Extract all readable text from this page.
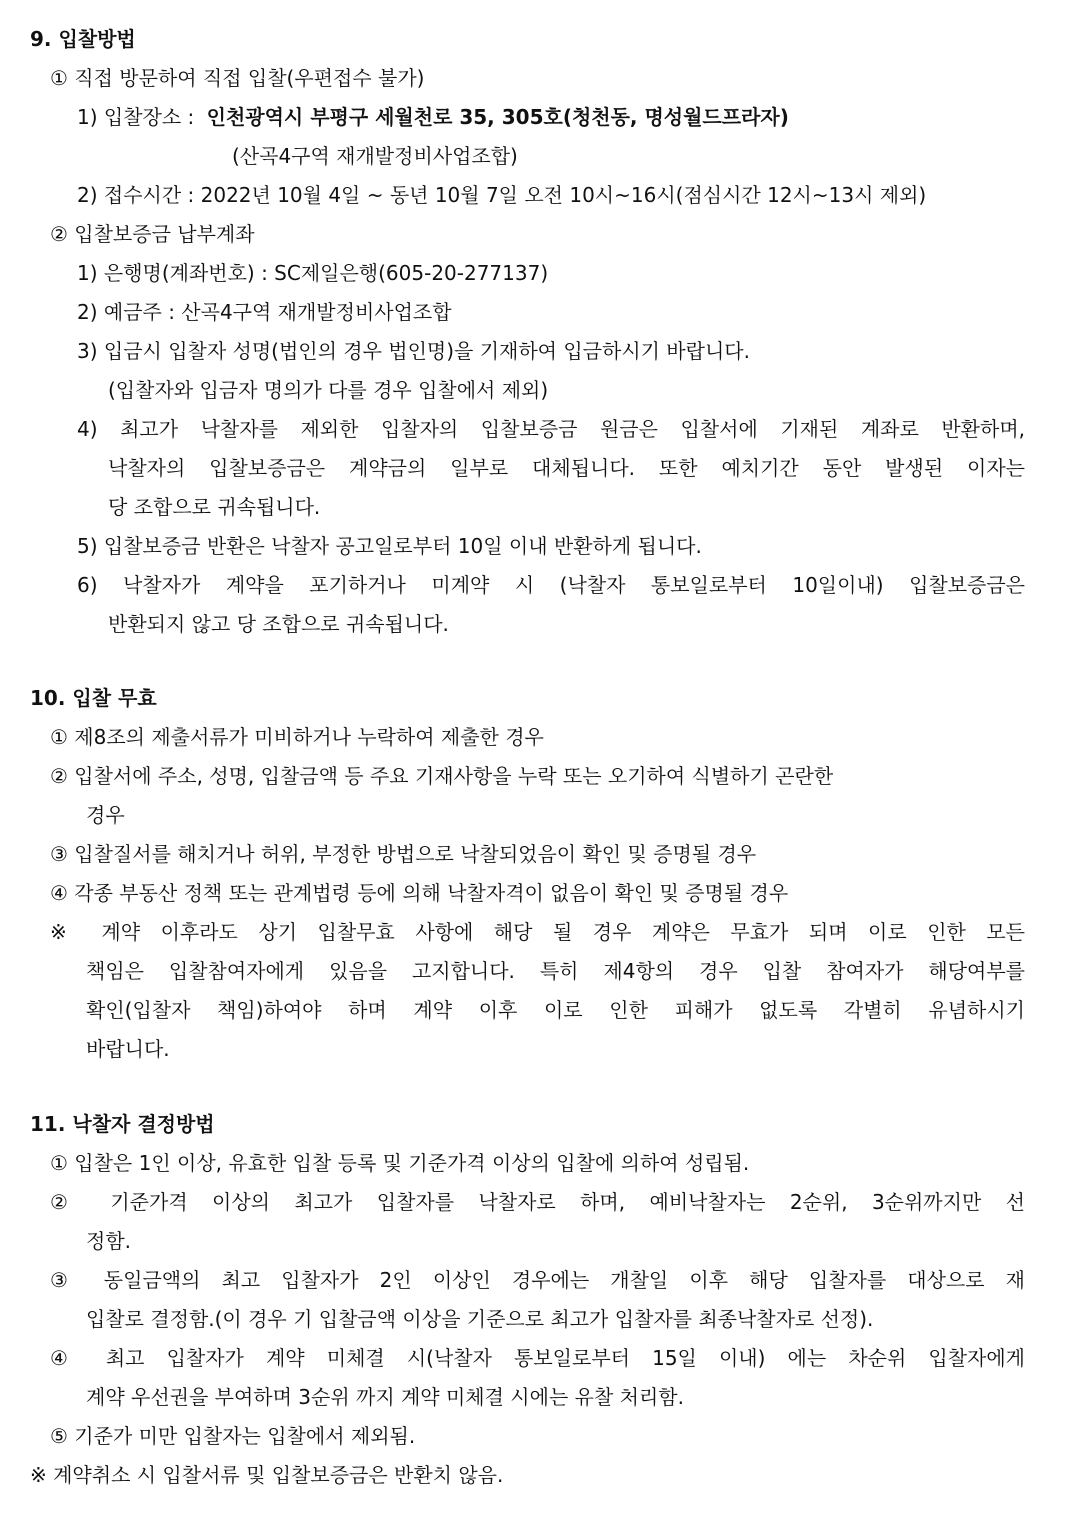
9. 입찰방법
① 직접 방문하여 직접 입찰(우편접수 불가)
1) 입찰장소 : 인천광역시 부평구 세월천로 35, 305호(청천동, 명성월드프라자)
(산곡4구역 재개발정비사업조합)
2) 접수시간 : 2022년 10월 4일 ~ 동년 10월 7일 오전 10시~16시(점심시간 12시~13시 제외)
② 입찰보증금 납부계좌
1) 은행명(계좌번호) : SC제일은행(605-20-277137)
2) 예금주 : 산곡4구역 재개발정비사업조합
3) 입금시 입찰자 성명(법인의 경우 법인명)을 기재하여 입금하시기 바랍니다.
(입찰자와 입금자 명의가 다를 경우 입찰에서 제외)
4) 최고가 낙찰자를 제외한 입찰자의 입찰보증금 원금은 입찰서에 기재된 계좌로 반환하며,
낙찰자의 입찰보증금은 계약금의 일부로 대체됩니다. 또한 예치기간 동안 발생된 이자는
당 조합으로 귀속됩니다.
5) 입찰보증금 반환은 낙찰자 공고일로부터 10일 이내 반환하게 됩니다.
6) 낙찰자가 계약을 포기하거나 미계약 시 (낙찰자 통보일로부터 10일이내) 입찰보증금은
반환되지 않고 당 조합으로 귀속됩니다.
10. 입찰 무효
① 제8조의 제출서류가 미비하거나 누락하여 제출한 경우
② 입찰서에 주소, 성명, 입찰금액 등 주요 기재사항을 누락 또는 오기하여 식별하기 곤란한
경우
③ 입찰질서를 해치거나 허위, 부정한 방법으로 낙찰되었음이 확인 및 증명될 경우
④ 각종 부동산 정책 또는 관계법령 등에 의해 낙찰자격이 없음이 확인 및 증명될 경우
※ 계약 이후라도 상기 입찰무효 사항에 해당 될 경우 계약은 무효가 되며 이로 인한 모든
책임은 입찰참여자에게 있음을 고지합니다. 특히 제4항의 경우 입찰 참여자가 해당여부를
확인(입찰자 책임)하여야 하며 계약 이후 이로 인한 피해가 없도록 각별히 유념하시기
바랍니다.
11. 낙찰자 결정방법
① 입찰은 1인 이상, 유효한 입찰 등록 및 기준가격 이상의 입찰에 의하여 성립됨.
② 기준가격 이상의 최고가 입찰자를 낙찰자로 하며, 예비낙찰자는 2순위, 3순위까지만 선
정함.
③ 동일금액의 최고 입찰자가 2인 이상인 경우에는 개찰일 이후 해당 입찰자를 대상으로 재
입찰로 결정함.(이 경우 기 입찰금액 이상을 기준으로 최고가 입찰자를 최종낙찰자로 선정).
④ 최고 입찰자가 계약 미체결 시(낙찰자 통보일로부터 15일 이내) 에는 차순위 입찰자에게
계약 우선권을 부여하며 3순위 까지 계약 미체결 시에는 유찰 처리함.
⑤ 기준가 미만 입찰자는 입찰에서 제외됨.
※ 계약취소 시 입찰서류 및 입찰보증금은 반환치 않음.
